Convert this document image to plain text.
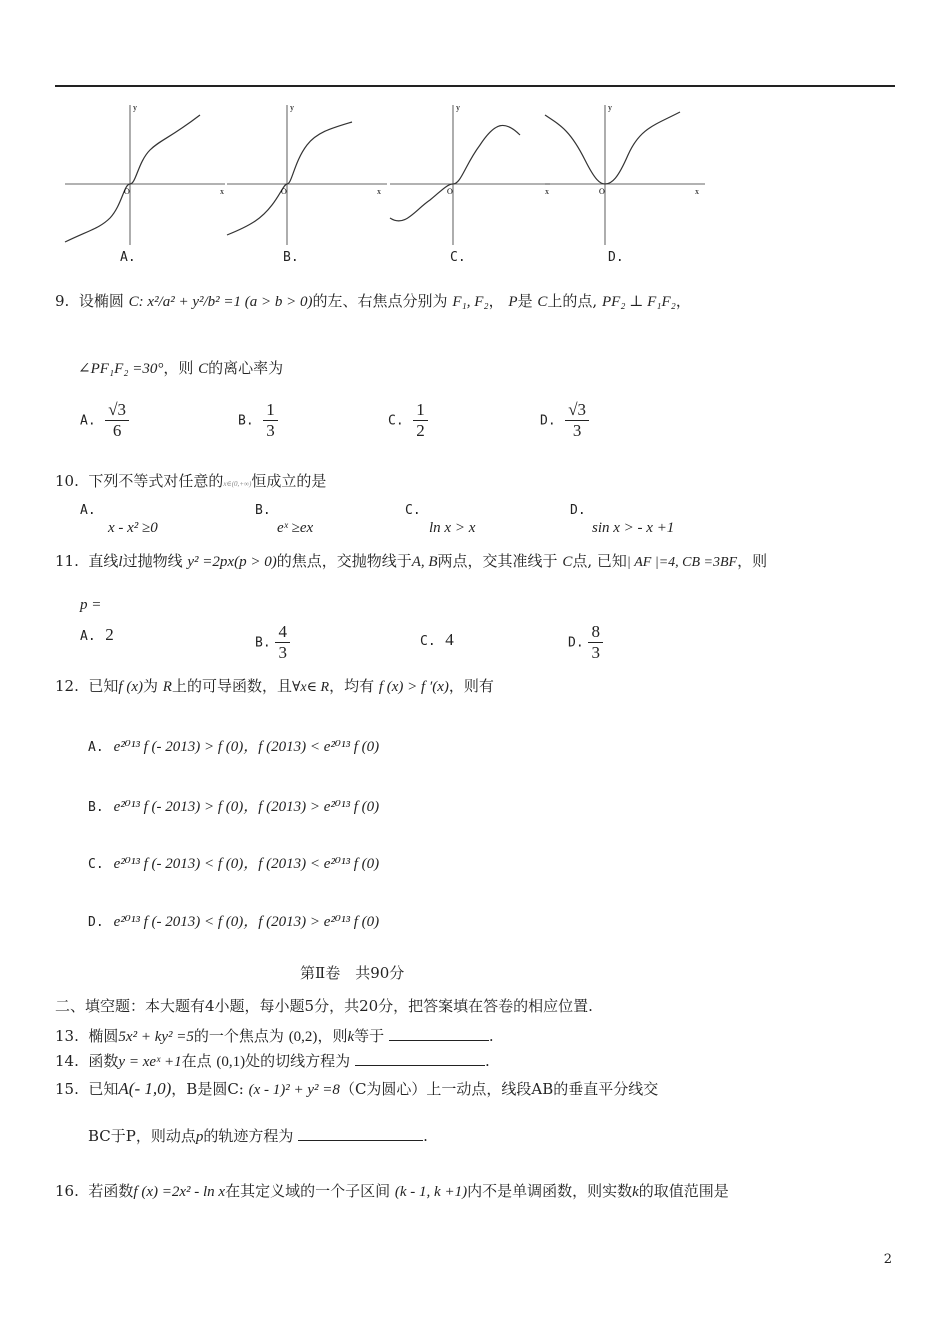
O	x
y
O	x
y
O	x
y
O	x
y
A.	B.	C.	D.
9. 设椭圆 C: x²/a² + y²/b² =1 (a > b > 0)的左、右焦点分别为 F₁, F₂， P是 C上的点, PF₂ ⊥ F₁F₂，
∠PF₁F₂ =30°，则 C的离心率为
A. $\frac{√3}{6}$	B. $\frac{1}{3}$	C. $\frac{1}{2}$	D. $\frac{√3}{3}$
10. 下列不等式对任意的x∈(0,+∞)恒成立的是
A.
x - x² ≥0
B.
eˣ ≥ex
C.
ln x > x
D.
sin x > - x +1
11. 直线l过抛物线 y² =2px(p > 0)的焦点，交抛物线于A, B两点，交其准线于 C点, 已知| AF |=4, CB =3BF，则
p =
A. 2	B. $\frac{4}{3}$	C. 4	D. $\frac{8}{3}$
12. 已知f (x)为 R上的可导函数，且∀x∈ R，均有 f (x) > f ′(x)，则有
A. e²⁰¹³ f (- 2013) > f (0)，f (2013) < e²⁰¹³ f (0)
B. e²⁰¹³ f (- 2013) > f (0)，f (2013) > e²⁰¹³ f (0)
C. e²⁰¹³ f (- 2013) < f (0)，f (2013) < e²⁰¹³ f (0)
D. e²⁰¹³ f (- 2013) < f (0)，f (2013) > e²⁰¹³ f (0)
第Ⅱ卷　共90分
二、填空题：本大题有4小题，每小题5分，共20分，把答案填在答卷的相应位置.
13. 椭圆5x² + ky² =5的一个焦点为 (0,2)，则k等于	.
14. 函数y = xeˣ +1在点 (0,1)处的切线方程为	.
15. 已知A(- 1,0)，B是圆C: (x - 1)² + y² =8（C为圆心）上一动点，线段AB的垂直平分线交
BC于P，则动点p的轨迹方程为	.
16. 若函数f (x) =2x² - ln x在其定义域的一个子区间 (k - 1, k +1)内不是单调函数，则实数k的取值范围是
2
